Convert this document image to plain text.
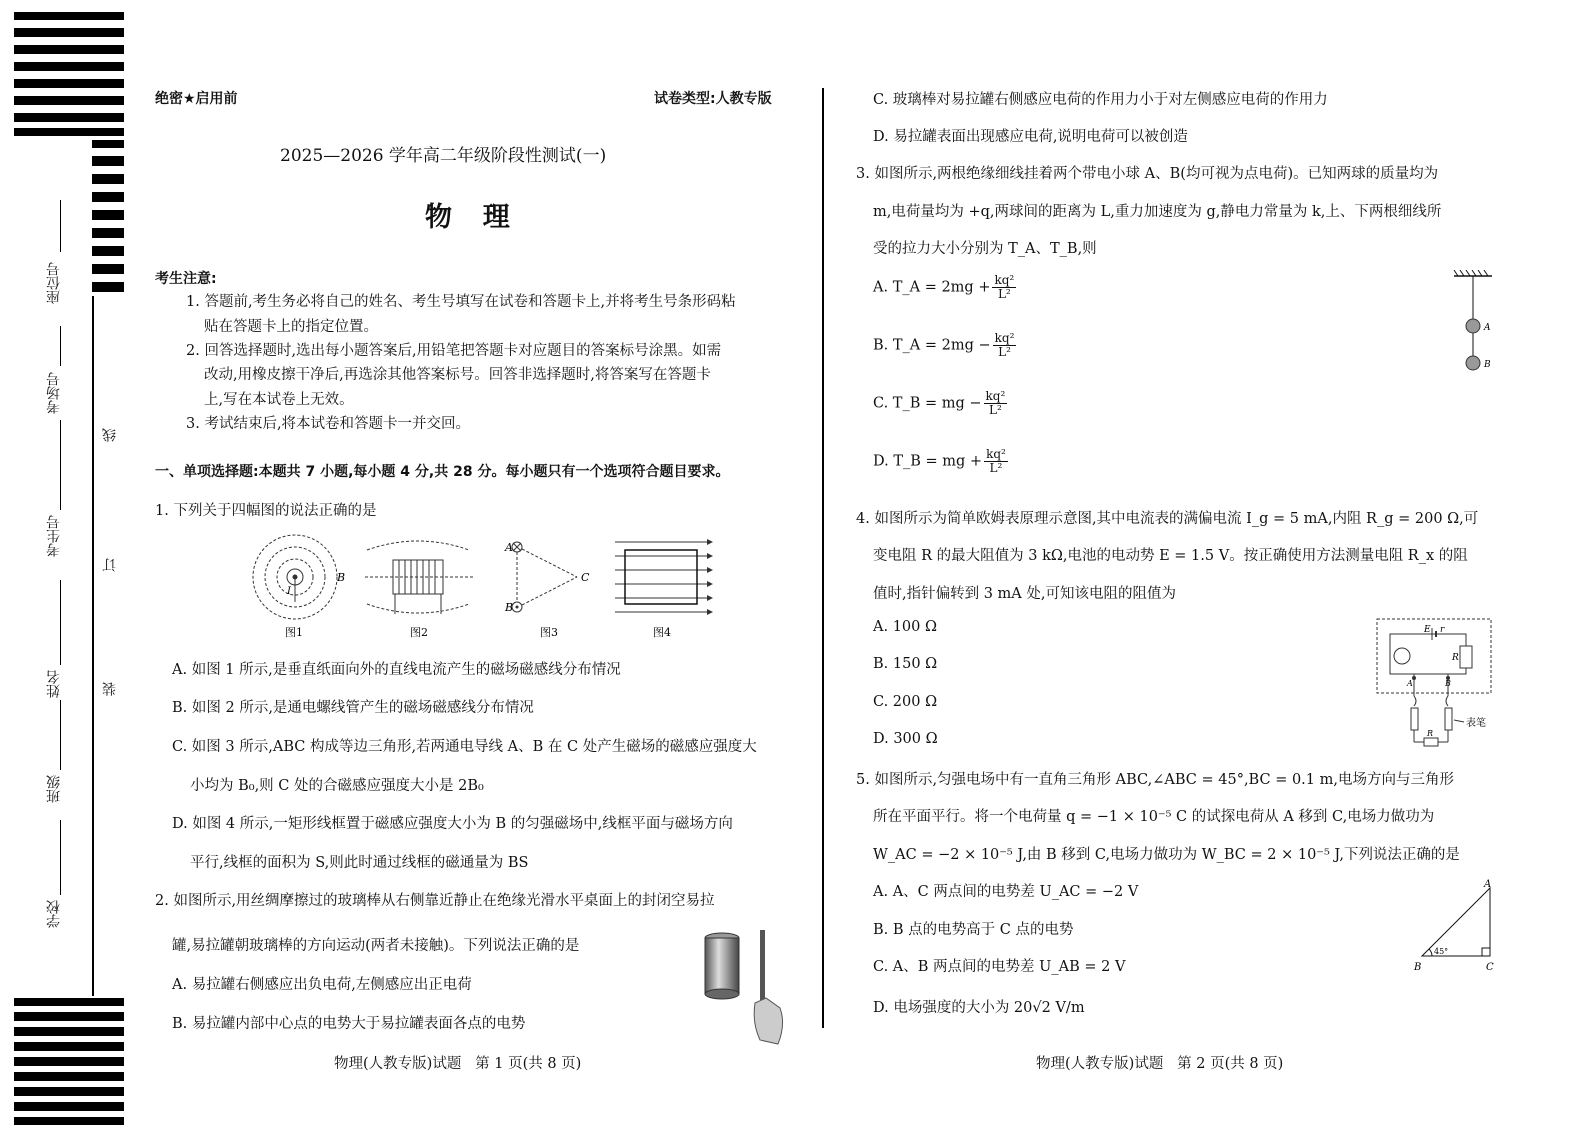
座位号
考场号
考生号
姓名
班级
学校
线
订
装
绝密★启用前	试卷类型:人教专版
2025—2026 学年高二年级阶段性测试(一)
物  理
考生注意:
1. 答题前,考生务必将自己的姓名、考生号填写在试卷和答题卡上,并将考生号条形码粘
贴在答题卡上的指定位置。
2. 回答选择题时,选出每小题答案后,用铅笔把答题卡对应题目的答案标号涂黑。如需
改动,用橡皮擦干净后,再选涂其他答案标号。回答非选择题时,将答案写在答题卡
上,写在本试卷上无效。
3. 考试结束后,将本试卷和答题卡一并交回。
一、单项选择题:本题共 7 小题,每小题 4 分,共 28 分。每小题只有一个选项符合题目要求。
1. 下列关于四幅图的说法正确的是
B
I
图1	图2
A
B
C
图3	图4
A. 如图 1 所示,是垂直纸面向外的直线电流产生的磁场磁感线分布情况
B. 如图 2 所示,是通电螺线管产生的磁场磁感线分布情况
C. 如图 3 所示,ABC 构成等边三角形,若两通电导线 A、B 在 C 处产生磁场的磁感应强度大
小均为 B₀,则 C 处的合磁感应强度大小是 2B₀
D. 如图 4 所示,一矩形线框置于磁感应强度大小为 B 的匀强磁场中,线框平面与磁场方向
平行,线框的面积为 S,则此时通过线框的磁通量为 BS
2. 如图所示,用丝绸摩擦过的玻璃棒从右侧靠近静止在绝缘光滑水平桌面上的封闭空易拉
罐,易拉罐朝玻璃棒的方向运动(两者未接触)。下列说法正确的是
A. 易拉罐右侧感应出负电荷,左侧感应出正电荷
B. 易拉罐内部中心点的电势大于易拉罐表面各点的电势
C. 玻璃棒对易拉罐右侧感应电荷的作用力小于对左侧感应电荷的作用力
D. 易拉罐表面出现感应电荷,说明电荷可以被创造
3. 如图所示,两根绝缘细线挂着两个带电小球 A、B(均可视为点电荷)。已知两球的质量均为
m,电荷量均为 +q,两球间的距离为 L,重力加速度为 g,静电力常量为 k,上、下两根细线所
受的拉力大小分别为 T_A、T_B,则
A. T_A = $2mg + \frac{\text{kq²}}{\text{L²}}$
B. T_A = $2mg - \frac{\text{kq²}}{\text{L²}}$
C. T_B = mg − $\frac{\text{kq²}}{\text{L²}}$
D. T_B = mg + $\frac{\text{kq²}}{\text{L²}}$
A
B
4. 如图所示为简单欧姆表原理示意图,其中电流表的满偏电流 I_g = 5 mA,内阻 R_g = 200 Ω,可
变电阻 R 的最大阻值为 3 kΩ,电池的电动势 E = 1.5 V。按正确使用方法测量电阻 R_x 的阻
值时,指针偏转到 3 mA 处,可知该电阻的阻值为
A. 100 Ω
B. 150 Ω
C. 200 Ω
D. 300 Ω
E r
R
A	B
R
表笔
5. 如图所示,匀强电场中有一直角三角形 ABC,∠ABC = 45°,BC = 0.1 m,电场方向与三角形
所在平面平行。将一个电荷量 q = −1 × 10⁻⁵ C 的试探电荷从 A 移到 C,电场力做功为
W_AC = −2 × 10⁻⁵ J,由 B 移到 C,电场力做功为 W_BC = 2 × 10⁻⁵ J,下列说法正确的是
A. A、C 两点间的电势差 U_AC = −2 V
B. B 点的电势高于 C 点的电势
C. A、B 两点间的电势差 U_AB = 2 V
D. 电场强度的大小为 20√2 V/m
A
B	C
45°
物理(人教专版)试题   第 1 页(共 8 页)	物理(人教专版)试题   第 2 页(共 8 页)
